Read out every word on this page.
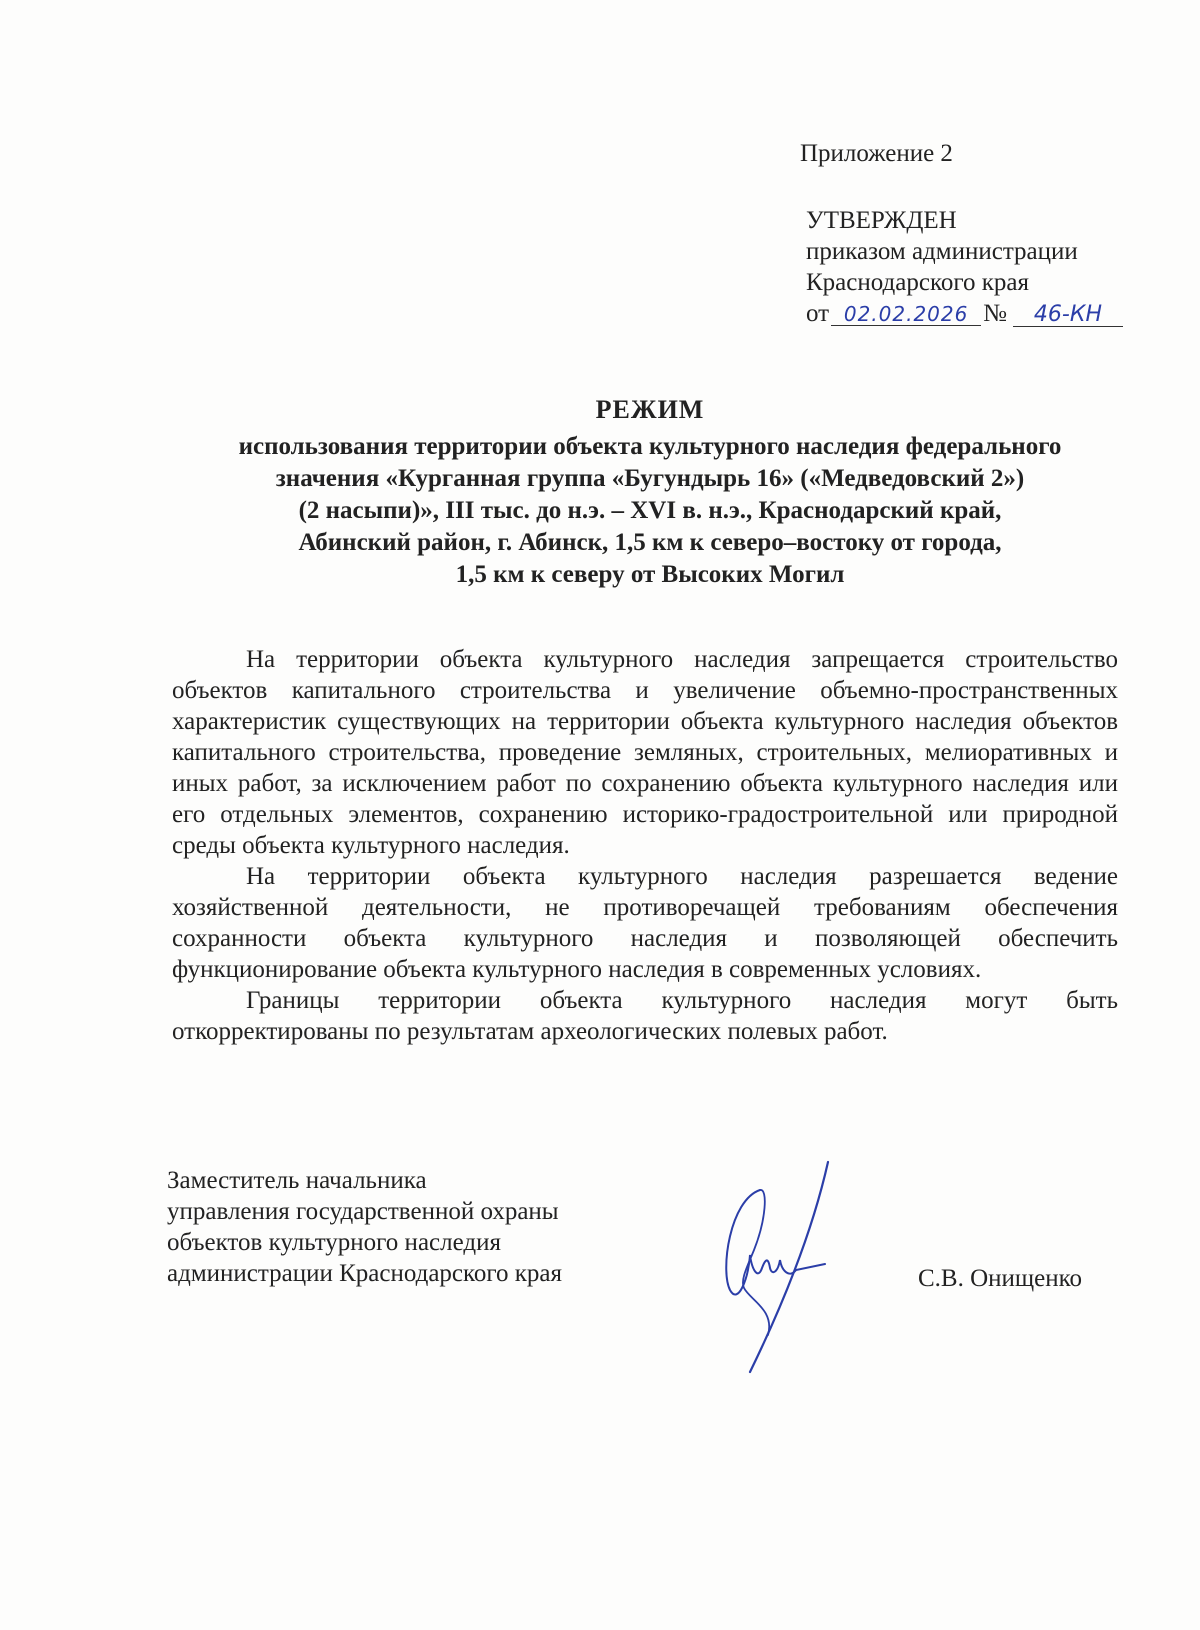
Приложение 2
УТВЕРЖДЕН
приказом администрации
Краснодарского края
от 02.02.2026 №	46-КН
РЕЖИМ
использования территории объекта культурного наследия федерального
значения «Курганная группа «Бугундырь 16» («Медведовский 2»)
(2 насыпи)», III тыс. до н.э. – XVI в. н.э., Краснодарский край,
Абинский район, г. Абинск, 1,5 км к северо–востоку от города,
1,5 км к северу от Высоких Могил

На территории объекта культурного наследия запрещается строительство объектов капитального строительства и увеличение объемно-пространственных характеристик существующих на территории объекта культурного наследия объектов капитального строительства, проведение земляных, строительных, мелиоративных и иных работ, за исключением работ по сохранению объекта культурного наследия или его отдельных элементов, сохранению историко-градостроительной или природной среды объекта культурного наследия.

На территории объекта культурного наследия разрешается ведение хозяйственной деятельности, не противоречащей требованиям обеспечения сохранности объекта культурного наследия и позволяющей обеспечить функционирование объекта культурного наследия в современных условиях.

Границы территории объекта культурного наследия могут быть откорректированы по результатам археологических полевых работ.

Заместитель начальника
управления государственной охраны
объектов культурного наследия
администрации Краснодарского края	С.В. Онищенко
